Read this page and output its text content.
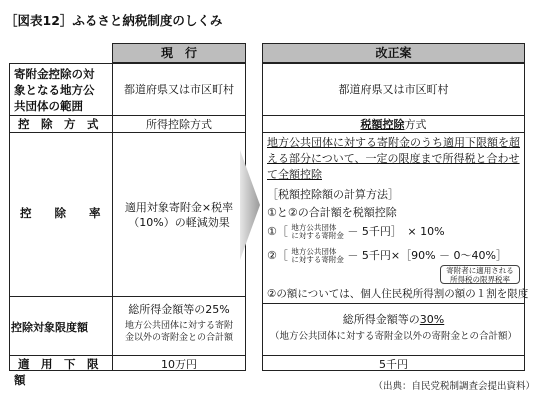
［図表12］ふるさと納税制度のしくみ
現　行	改正案
寄附金控除の対
象となる地方公
共団体の範囲
控　除　方　式
控　　除　　率
控除対象限度額
適　用　下　限　額
都道府県又は市区町村
所得控除方式
適用対象寄附金×税率
（10%）の軽減効果
総所得金額等の25%
地方公共団体に対する寄附
金以外の寄附金との合計額
10万円
都道府県又は市区町村
税額控除方式
地方公共団体に対する寄附金のうち適用下限額を超
える部分について、一定の限度まで所得税と合わせ
て全額控除
［税額控除額の計算方法］
①と②の合計額を税額控除
①［ 地方公共団体
に対する寄附金 － 5千円］　× 10%
②［ 地方公共団体
に対する寄附金 － 5千円×［90% － 0～40%］
寄附者に適用される
所得税の限界税率
②の額については、個人住民税所得割の額の１割を限度
総所得金額等の30%
（地方公共団体に対する寄附金以外の寄附金との合計額）
5千円
（出典：自民党税制調査会提出資料）
